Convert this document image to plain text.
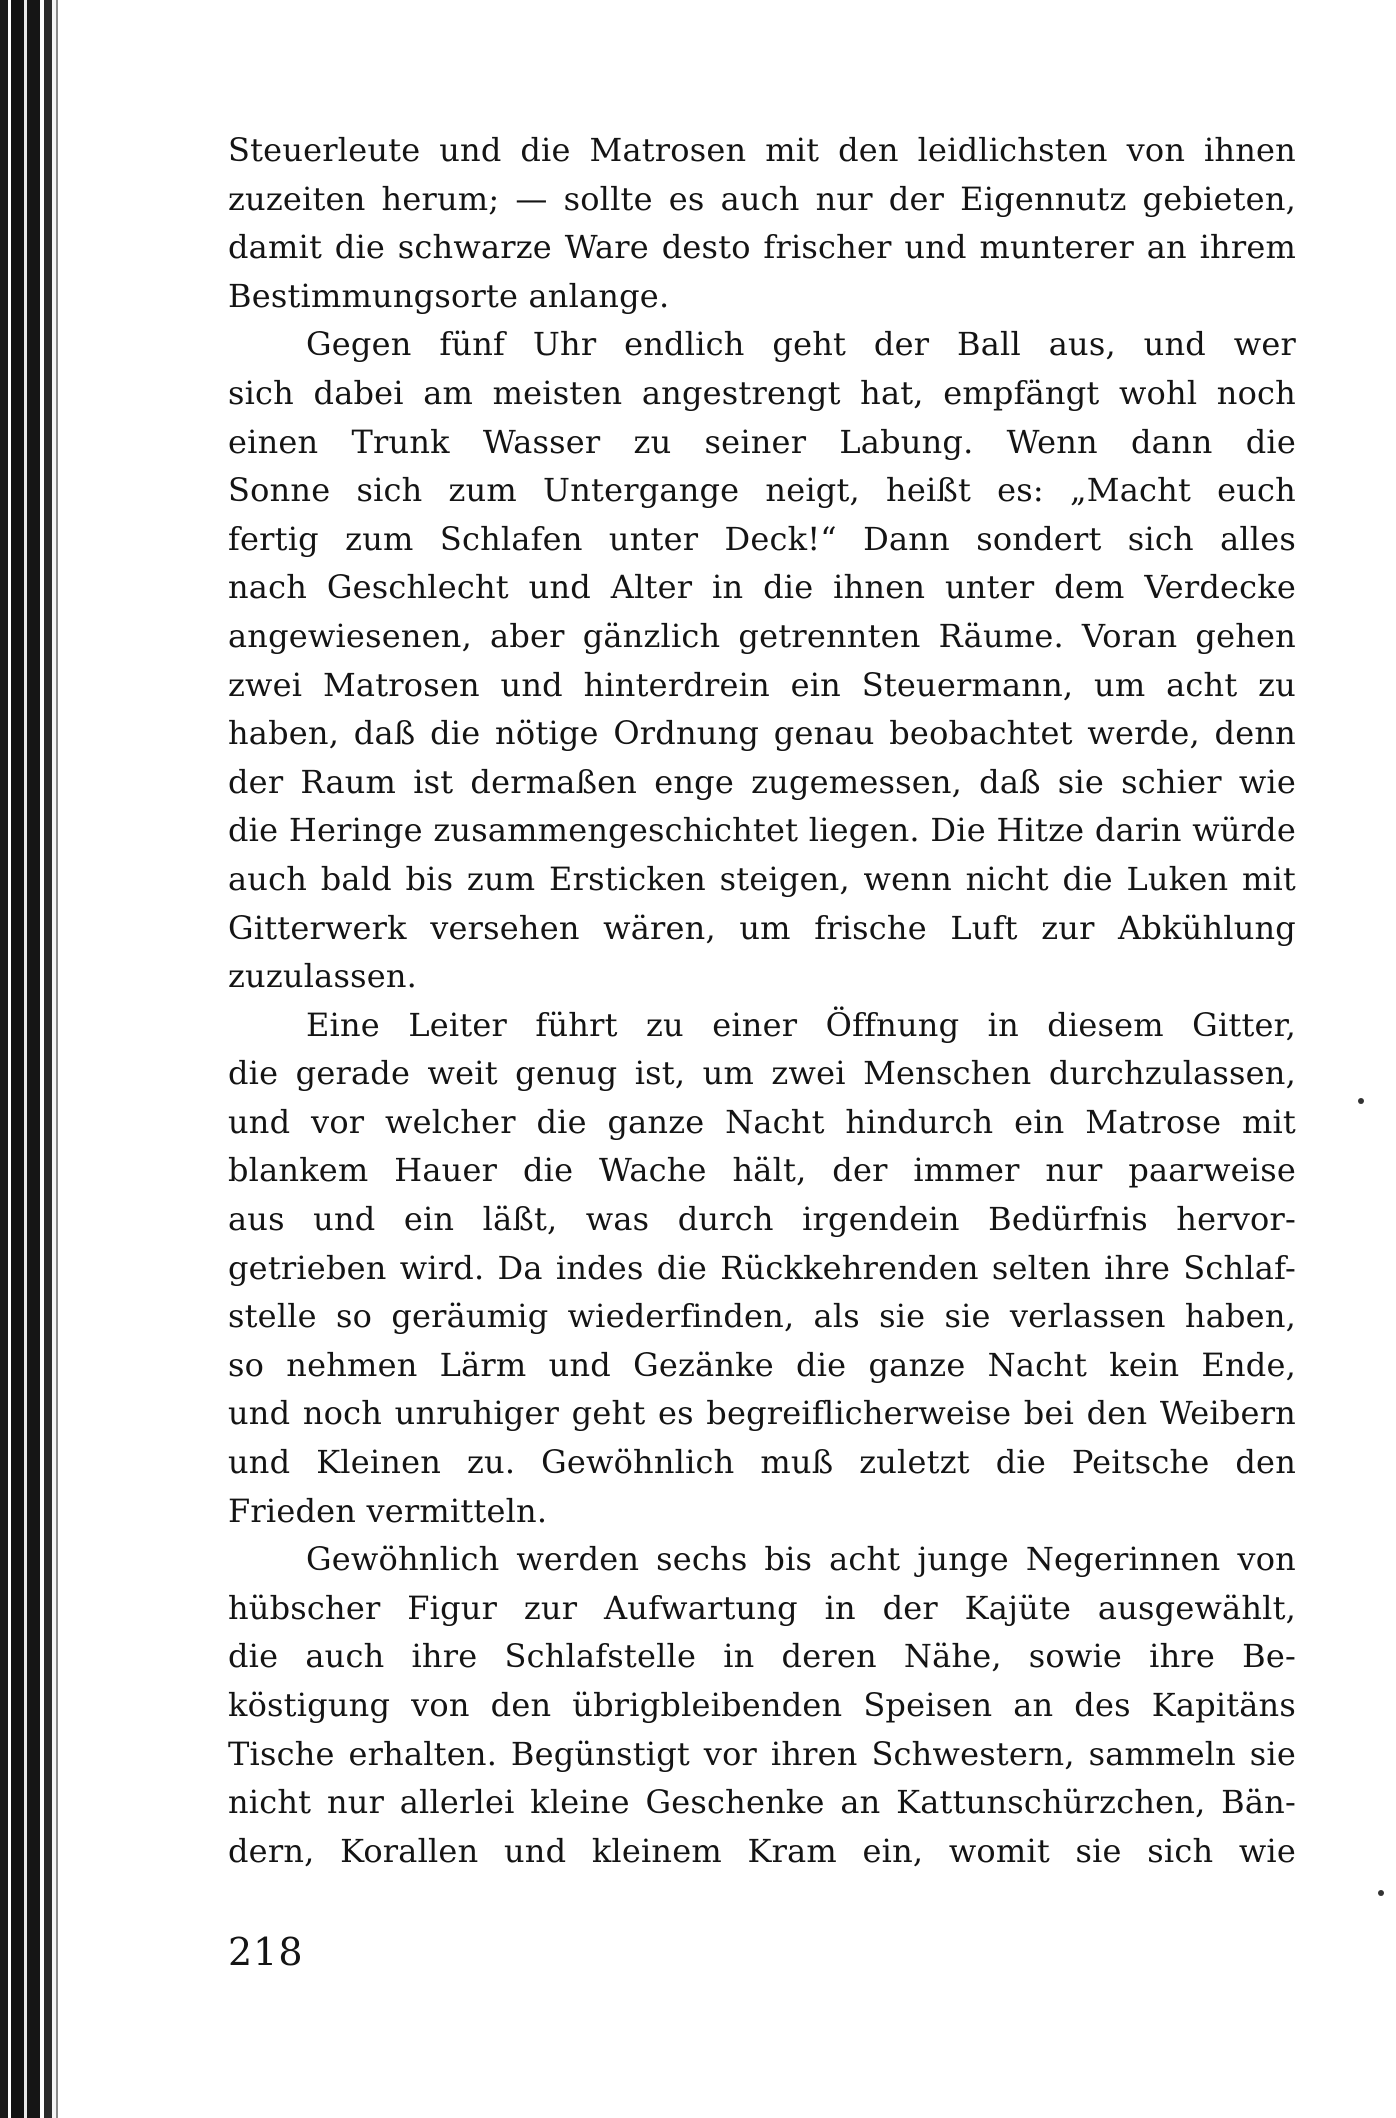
Steuerleute und die Matrosen mit den leidlichsten von ihnen
zuzeiten herum; — sollte es auch nur der Eigennutz gebieten,
damit die schwarze Ware desto frischer und munterer an ihrem
Bestimmungsorte anlange.
Gegen fünf Uhr endlich geht der Ball aus, und wer
sich dabei am meisten angestrengt hat, empfängt wohl noch
einen Trunk Wasser zu seiner Labung. Wenn dann die
Sonne sich zum Untergange neigt, heißt es: „Macht euch
fertig zum Schlafen unter Deck!“ Dann sondert sich alles
nach Geschlecht und Alter in die ihnen unter dem Verdecke
angewiesenen, aber gänzlich getrennten Räume. Voran gehen
zwei Matrosen und hinterdrein ein Steuermann, um acht zu
haben, daß die nötige Ordnung genau beobachtet werde, denn
der Raum ist dermaßen enge zugemessen, daß sie schier wie
die Heringe zusammengeschichtet liegen. Die Hitze darin würde
auch bald bis zum Ersticken steigen, wenn nicht die Luken mit
Gitterwerk versehen wären, um frische Luft zur Abkühlung
zuzulassen.
Eine Leiter führt zu einer Öffnung in diesem Gitter,
die gerade weit genug ist, um zwei Menschen durchzulassen,
und vor welcher die ganze Nacht hindurch ein Matrose mit
blankem Hauer die Wache hält, der immer nur paarweise
aus und ein läßt, was durch irgendein Bedürfnis hervor-
getrieben wird. Da indes die Rückkehrenden selten ihre Schlaf-
stelle so geräumig wiederfinden, als sie sie verlassen haben,
so nehmen Lärm und Gezänke die ganze Nacht kein Ende,
und noch unruhiger geht es begreiflicherweise bei den Weibern
und Kleinen zu. Gewöhnlich muß zuletzt die Peitsche den
Frieden vermitteln.
Gewöhnlich werden sechs bis acht junge Negerinnen von
hübscher Figur zur Aufwartung in der Kajüte ausgewählt,
die auch ihre Schlafstelle in deren Nähe, sowie ihre Be-
köstigung von den übrigbleibenden Speisen an des Kapitäns
Tische erhalten. Begünstigt vor ihren Schwestern, sammeln sie
nicht nur allerlei kleine Geschenke an Kattunschürzchen, Bän-
dern, Korallen und kleinem Kram ein, womit sie sich wie
218
